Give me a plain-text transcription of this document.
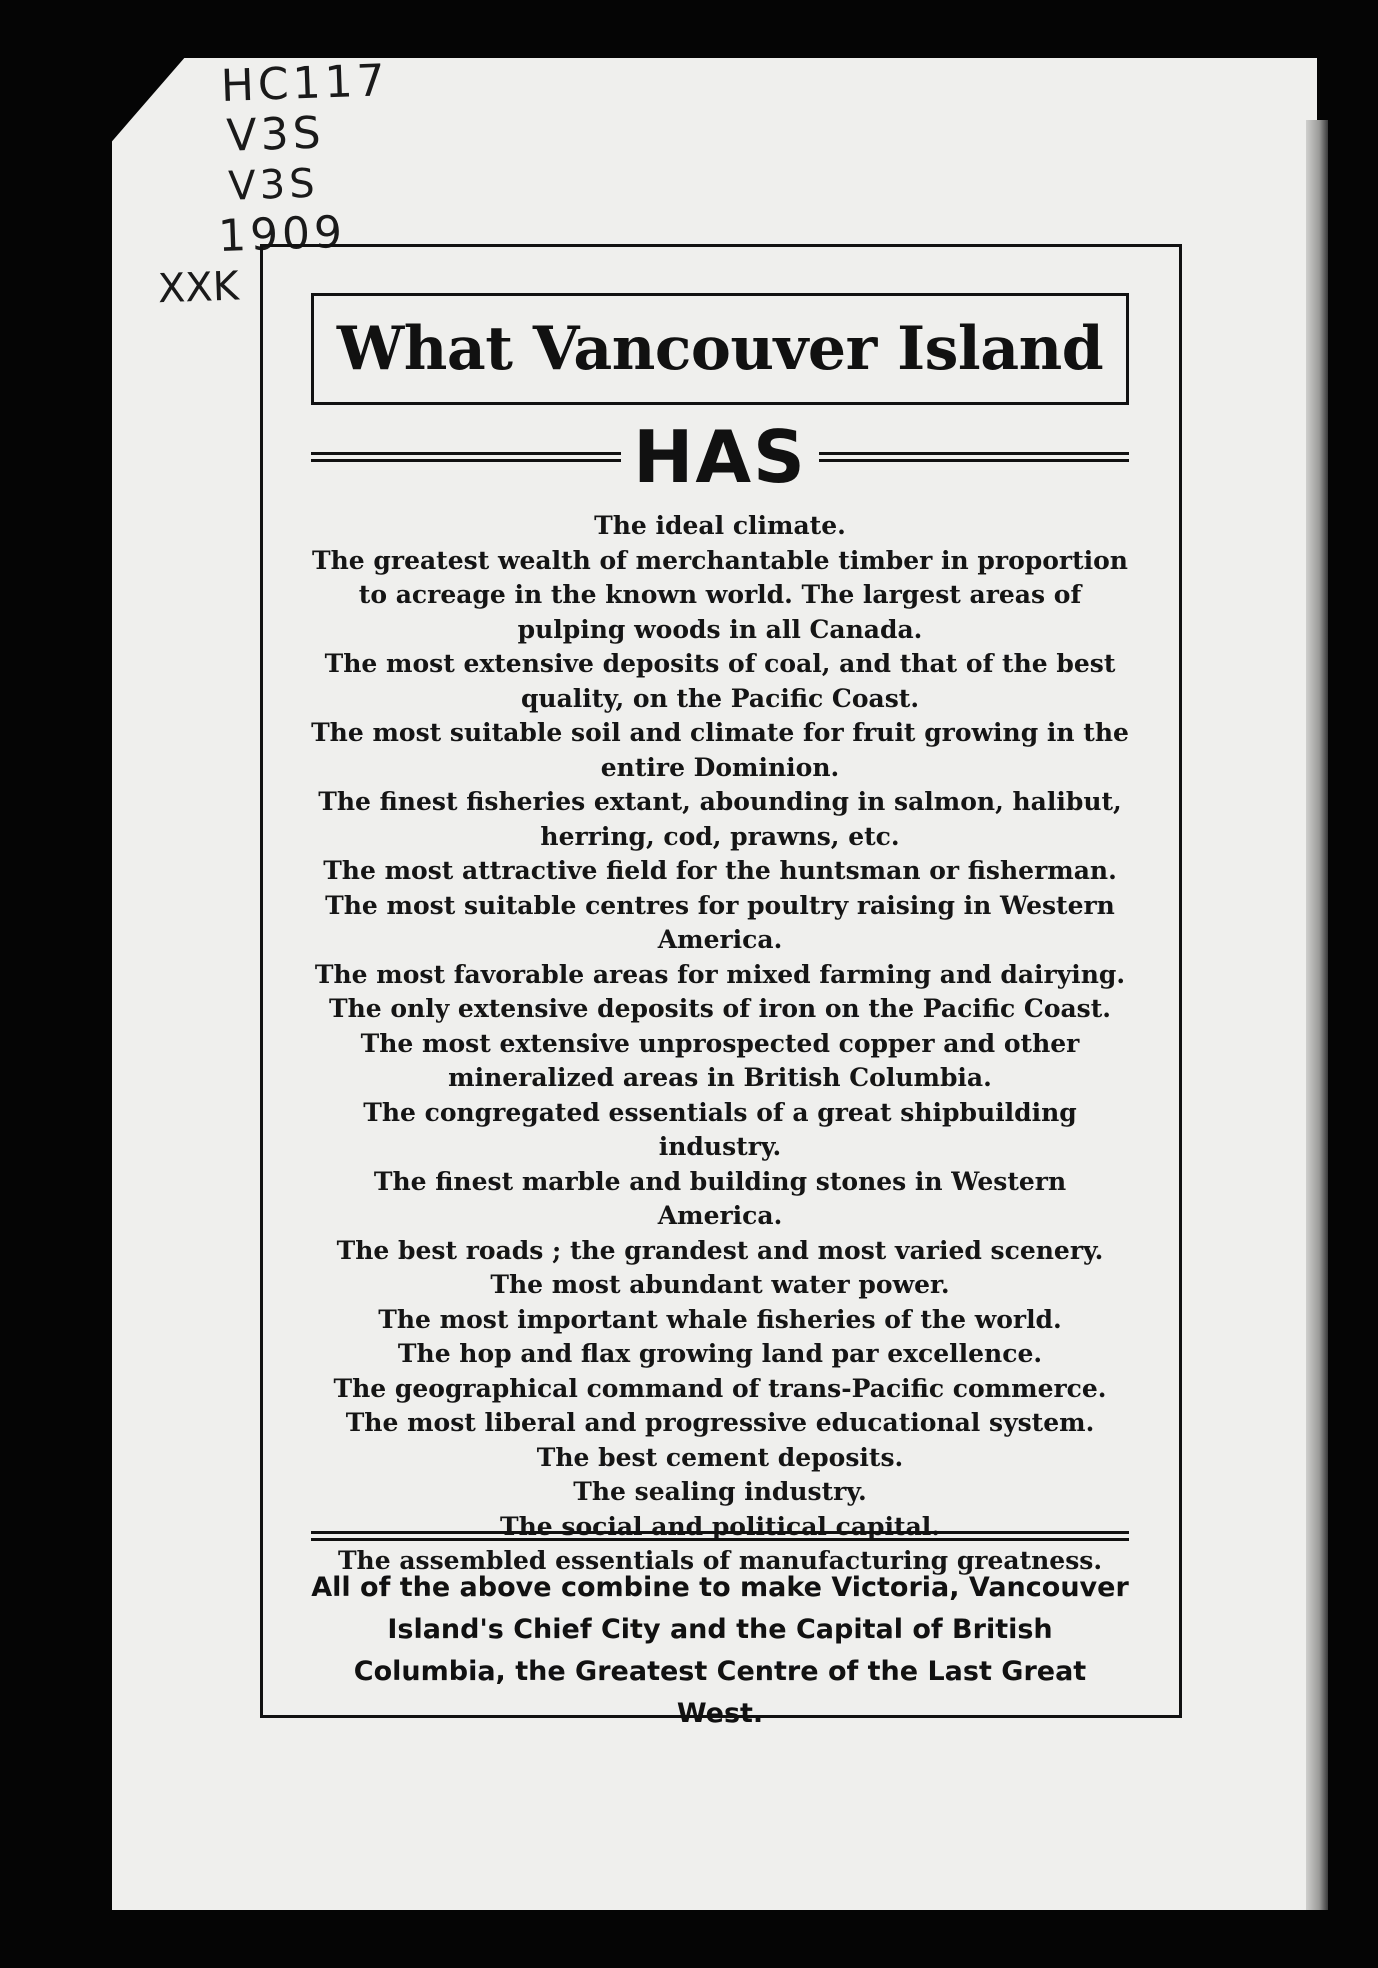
HC117
V3S
V3S
1909
XXK
What Vancouver Island
HAS

The ideal climate.

The greatest wealth of merchantable timber in proportion to acreage in the known world. The largest areas of pulping woods in all Canada.

The most extensive deposits of coal, and that of the best quality, on the Pacific Coast.

The most suitable soil and climate for fruit growing in the entire Dominion.

The finest fisheries extant, abounding in salmon, halibut, herring, cod, prawns, etc.

The most attractive field for the huntsman or fisherman.

The most suitable centres for poultry raising in Western America.

The most favorable areas for mixed farming and dairying.

The only extensive deposits of iron on the Pacific Coast.

The most extensive unprospected copper and other mineralized areas in British Columbia.

The congregated essentials of a great shipbuilding industry.

The finest marble and building stones in Western America.

The best roads ; the grandest and most varied scenery.

The most abundant water power.

The most important whale fisheries of the world.

The hop and flax growing land par excellence.

The geographical command of trans-Pacific commerce.

The most liberal and progressive educational system.

The best cement deposits.

The sealing industry.

The social and political capital.

The assembled essentials of manufacturing greatness.

All of the above combine to make Victoria, Vancouver Island's Chief City and the Capital of British Columbia, the Greatest Centre of the Last Great West.
